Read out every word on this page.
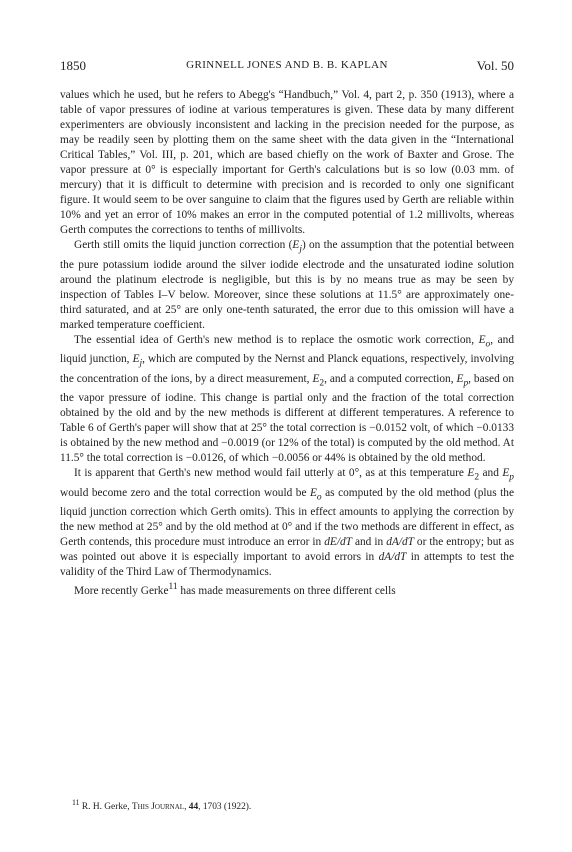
1850	GRINNELL JONES AND B. B. KAPLAN	Vol. 50

values which he used, but he refers to Abegg's “Handbuch,” Vol. 4, part 2, p. 350 (1913), where a table of vapor pressures of iodine at various temperatures is given. These data by many different experimenters are obviously inconsistent and lacking in the precision needed for the purpose, as may be readily seen by plotting them on the same sheet with the data given in the “International Critical Tables,” Vol. III, p. 201, which are based chiefly on the work of Baxter and Grose. The vapor pressure at 0° is especially important for Gerth's calculations but is so low (0.03 mm. of mercury) that it is difficult to determine with precision and is recorded to only one significant figure. It would seem to be over sanguine to claim that the figures used by Gerth are reliable within 10% and yet an error of 10% makes an error in the computed potential of 1.2 millivolts, whereas Gerth computes the corrections to tenths of millivolts.

Gerth still omits the liquid junction correction $(E_j)$ on the assumption that the potential between the pure potassium iodide around the silver iodide electrode and the unsaturated iodine solution around the platinum electrode is negligible, but this is by no means true as may be seen by inspection of Tables I–V below. Moreover, since these solutions at 11.5° are approximately one-third saturated, and at 25° are only one-tenth saturated, the error due to this omission will have a marked temperature coefficient.

The essential idea of Gerth's new method is to replace the osmotic work correction, $E_o$, and liquid junction, $E_j$, which are computed by the Nernst and Planck equations, respectively, involving the concentration of the ions, by a direct measurement, $E_2$, and a computed correction, $E_p$, based on the vapor pressure of iodine. This change is partial only and the fraction of the total correction obtained by the old and by the new methods is different at different temperatures. A reference to Table 6 of Gerth's paper will show that at 25° the total correction is −0.0152 volt, of which −0.0133 is obtained by the new method and −0.0019 (or 12% of the total) is computed by the old method. At 11.5° the total correction is −0.0126, of which −0.0056 or 44% is obtained by the old method.

It is apparent that Gerth's new method would fail utterly at 0°, as at this temperature $E_2$ and $E_p$ would become zero and the total correction would be $E_o$ as computed by the old method (plus the liquid junction correction which Gerth omits). This in effect amounts to applying the correction by the new method at 25° and by the old method at 0° and if the two methods are different in effect, as Gerth contends, this procedure must introduce an error in dE/dT and in dA/dT or the entropy; but as was pointed out above it is especially important to avoid errors in dA/dT in attempts to test the validity of the Third Law of Thermodynamics.

More recently Gerke$^{11}$ has made measurements on three different cells

$^{11}$ R. H. Gerke, This Journal, 44, 1703 (1922).
